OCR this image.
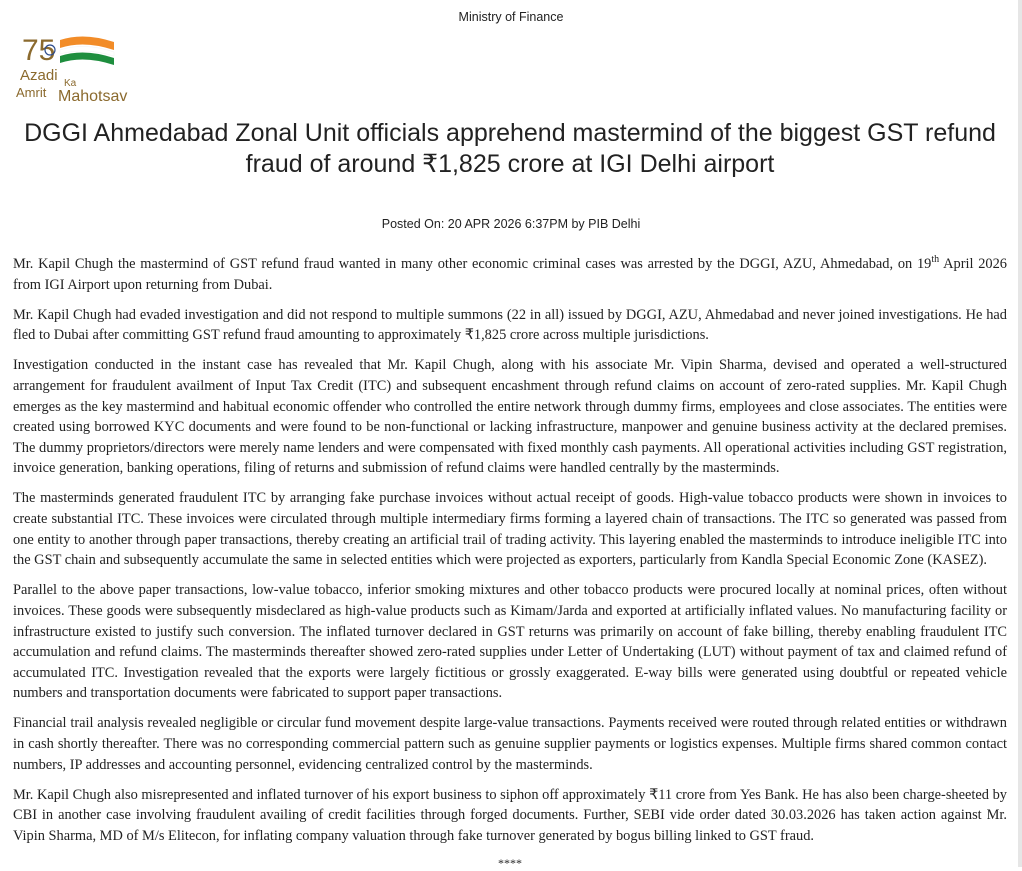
Ministry of Finance
75
Azadi Ka
Amrit Mahotsav
DGGI Ahmedabad Zonal Unit officials apprehend mastermind of the biggest GST refund fraud of around ₹1,825 crore at IGI Delhi airport
Posted On: 20 APR 2026 6:37PM by PIB Delhi

Mr. Kapil Chugh the mastermind of GST refund fraud wanted in many other economic criminal cases was arrested by the DGGI, AZU, Ahmedabad, on 19th April 2026 from IGI Airport upon returning from Dubai.

Mr. Kapil Chugh had evaded investigation and did not respond to multiple summons (22 in all) issued by DGGI, AZU, Ahmedabad and never joined investigations. He had fled to Dubai after committing GST refund fraud amounting to approximately ₹1,825 crore across multiple jurisdictions.

Investigation conducted in the instant case has revealed that Mr. Kapil Chugh, along with his associate Mr. Vipin Sharma, devised and operated a well-structured arrangement for fraudulent availment of Input Tax Credit (ITC) and subsequent encashment through refund claims on account of zero-rated supplies. Mr. Kapil Chugh emerges as the key mastermind and habitual economic offender who controlled the entire network through dummy firms, employees and close associates. The entities were created using borrowed KYC documents and were found to be non-functional or lacking infrastructure, manpower and genuine business activity at the declared premises. The dummy proprietors/directors were merely name lenders and were compensated with fixed monthly cash payments. All operational activities including GST registration, invoice generation, banking operations, filing of returns and submission of refund claims were handled centrally by the masterminds.

The masterminds generated fraudulent ITC by arranging fake purchase invoices without actual receipt of goods. High-value tobacco products were shown in invoices to create substantial ITC. These invoices were circulated through multiple intermediary firms forming a layered chain of transactions. The ITC so generated was passed from one entity to another through paper transactions, thereby creating an artificial trail of trading activity. This layering enabled the masterminds to introduce ineligible ITC into the GST chain and subsequently accumulate the same in selected entities which were projected as exporters, particularly from Kandla Special Economic Zone (KASEZ).

Parallel to the above paper transactions, low-value tobacco, inferior smoking mixtures and other tobacco products were procured locally at nominal prices, often without invoices. These goods were subsequently misdeclared as high-value products such as Kimam/Jarda and exported at artificially inflated values. No manufacturing facility or infrastructure existed to justify such conversion. The inflated turnover declared in GST returns was primarily on account of fake billing, thereby enabling fraudulent ITC accumulation and refund claims. The masterminds thereafter showed zero-rated supplies under Letter of Undertaking (LUT) without payment of tax and claimed refund of accumulated ITC. Investigation revealed that the exports were largely fictitious or grossly exaggerated. E-way bills were generated using doubtful or repeated vehicle numbers and transportation documents were fabricated to support paper transactions.

Financial trail analysis revealed negligible or circular fund movement despite large-value transactions. Payments received were routed through related entities or withdrawn in cash shortly thereafter. There was no corresponding commercial pattern such as genuine supplier payments or logistics expenses. Multiple firms shared common contact numbers, IP addresses and accounting personnel, evidencing centralized control by the masterminds.

Mr. Kapil Chugh also misrepresented and inflated turnover of his export business to siphon off approximately ₹11 crore from Yes Bank. He has also been charge-sheeted by CBI in another case involving fraudulent availing of credit facilities through forged documents. Further, SEBI vide order dated 30.03.2026 has taken action against Mr. Vipin Sharma, MD of M/s Elitecon, for inflating company valuation through fake turnover generated by bogus billing linked to GST fraud.

****
